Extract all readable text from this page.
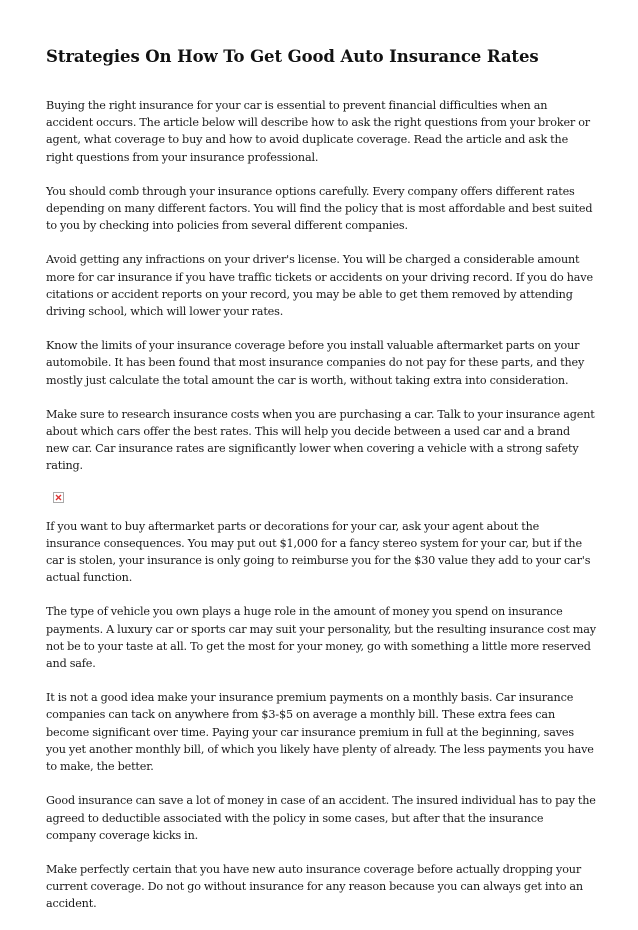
Strategies On How To Get Good Auto Insurance Rates

Buying the right insurance for your car is essential to prevent financial difficulties when an accident occurs. The article below will describe how to ask the right questions from your broker or agent, what coverage to buy and how to avoid duplicate coverage. Read the article and ask the right questions from your insurance professional.

You should comb through your insurance options carefully. Every company offers different rates depending on many different factors. You will find the policy that is most affordable and best suited to you by checking into policies from several different companies.

Avoid getting any infractions on your driver's license. You will be charged a considerable amount more for car insurance if you have traffic tickets or accidents on your driving record. If you do have citations or accident reports on your record, you may be able to get them removed by attending driving school, which will lower your rates.

Know the limits of your insurance coverage before you install valuable aftermarket parts on your automobile. It has been found that most insurance companies do not pay for these parts, and they mostly just calculate the total amount the car is worth, without taking extra into consideration.

Make sure to research insurance costs when you are purchasing a car. Talk to your insurance agent about which cars offer the best rates. This will help you decide between a used car and a brand new car. Car insurance rates are significantly lower when covering a vehicle with a strong safety rating.

If you want to buy aftermarket parts or decorations for your car, ask your agent about the insurance consequences. You may put out $1,000 for a fancy stereo system for your car, but if the car is stolen, your insurance is only going to reimburse you for the $30 value they add to your car's actual function.

The type of vehicle you own plays a huge role in the amount of money you spend on insurance payments. A luxury car or sports car may suit your personality, but the resulting insurance cost may not be to your taste at all. To get the most for your money, go with something a little more reserved and safe.

It is not a good idea make your insurance premium payments on a monthly basis. Car insurance companies can tack on anywhere from $3-$5 on average a monthly bill. These extra fees can become significant over time. Paying your car insurance premium in full at the beginning, saves you yet another monthly bill, of which you likely have plenty of already. The less payments you have to make, the better.

Good insurance can save a lot of money in case of an accident. The insured individual has to pay the agreed to deductible associated with the policy in some cases, but after that the insurance company coverage kicks in.

Make perfectly certain that you have new auto insurance coverage before actually dropping your current coverage. Do not go without insurance for any reason because you can always get into an accident.
